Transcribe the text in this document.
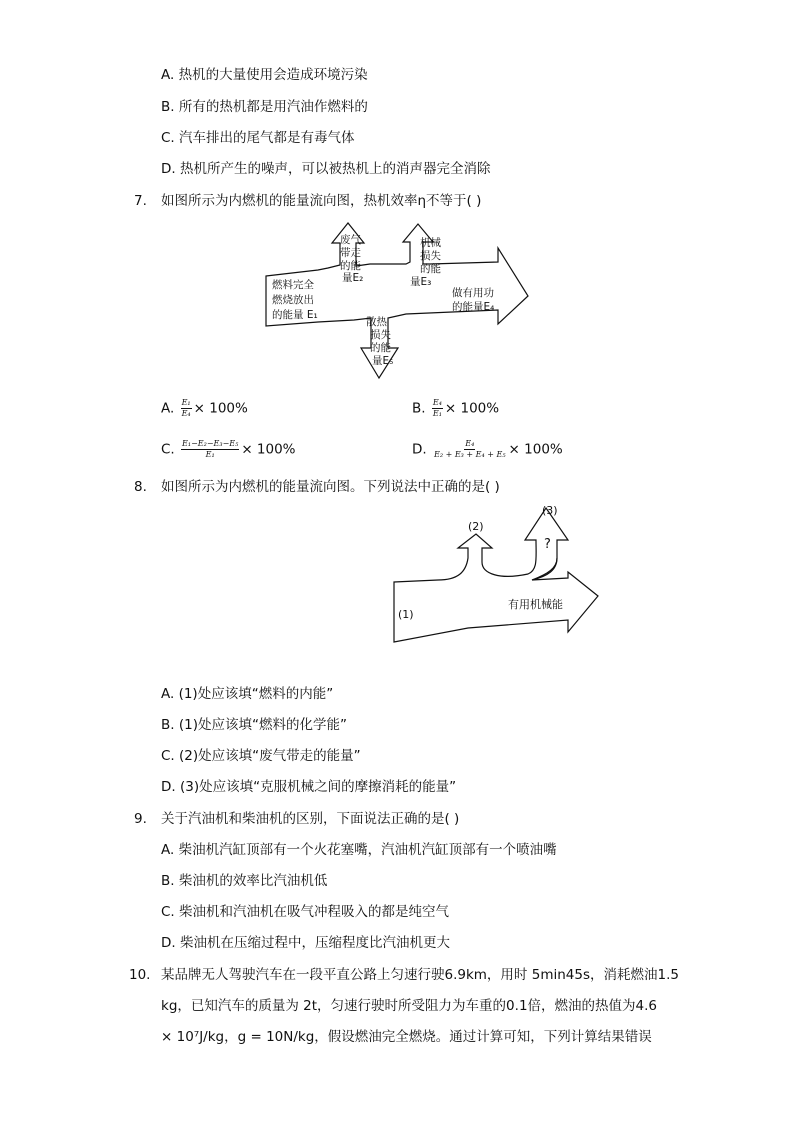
A. 热机的大量使用会造成环境污染
B. 所有的热机都是用汽油作燃料的
C. 汽车排出的尾气都是有毒气体
D. 热机所产生的噪声，可以被热机上的消声器完全消除
7. 如图所示为内燃机的能量流向图，热机效率η不等于( )
燃料完全
燃烧放出
的能量 E₁
废气
带走
的能
量E₂
机械
损失
的能
量E₃
做有用功
的能量E₄
散热
损失
的能
量E₅
A. $\frac{\text{E₁}}{\text{E₄}} \times 100\%$	B. $\frac{\text{E₄}}{\text{E₁}} \times 100\%$
C. $\frac{\text{E₁−E₂−E₃−E₅}}{\text{E₁}} \times 100\%$	D. $\frac{\text{E₄}}{\text{E₂ + E₃ + E₄ + E₅}} \times 100\%$
8. 如图所示为内燃机的能量流向图。下列说法中正确的是( )
(1)
(2)
(3)
?
有用机械能
A. (1)处应该填“燃料的内能”
B. (1)处应该填“燃料的化学能”
C. (2)处应该填“废气带走的能量”
D. (3)处应该填“克服机械之间的摩擦消耗的能量”
9. 关于汽油机和柴油机的区别，下面说法正确的是( )
A. 柴油机汽缸顶部有一个火花塞嘴，汽油机汽缸顶部有一个喷油嘴
B. 柴油机的效率比汽油机低
C. 柴油机和汽油机在吸气冲程吸入的都是纯空气
D. 柴油机在压缩过程中，压缩程度比汽油机更大
10. 某品牌无人驾驶汽车在一段平直公路上匀速行驶6.9km，用时 5min45s，消耗燃油1.5
kg，已知汽车的质量为 2t，匀速行驶时所受阻力为车重的0.1倍，燃油的热值为4.6
× 10⁷J/kg，g = 10N/kg，假设燃油完全燃烧。通过计算可知，下列计算结果错误
